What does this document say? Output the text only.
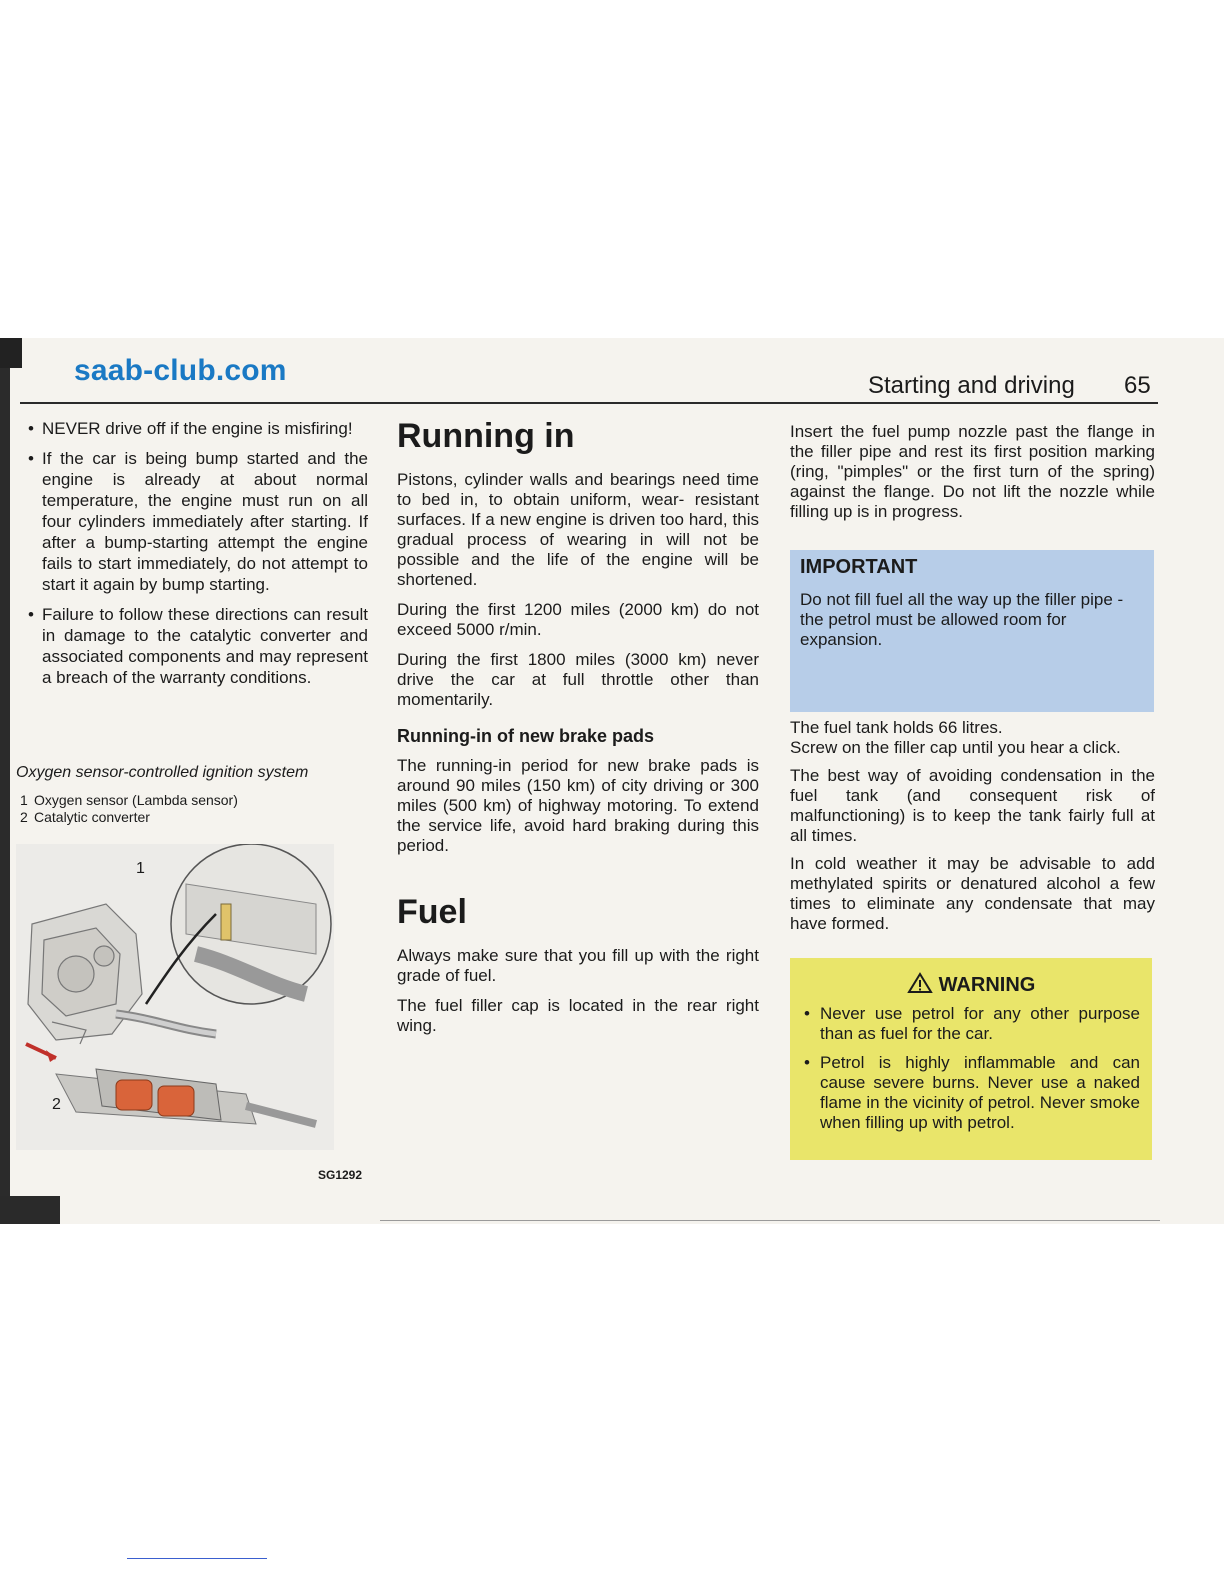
saab-club.com	Starting and driving 65
• NEVER drive off if the engine is misfiring!
• If the car is being bump started and the engine is already at about normal temperature, the engine must run on all four cylinders immediately after starting. If after a bump-starting attempt the engine fails to start immediately, do not attempt to start it again by bump starting.
• Failure to follow these directions can result in damage to the catalytic converter and associated components and may represent a breach of the warranty conditions.
Oxygen sensor-controlled ignition system
1 Oxygen sensor (Lambda sensor)
2 Catalytic converter
1
2
SG1292
Running in

Pistons, cylinder walls and bearings need time to bed in, to obtain uniform, wear- resistant surfaces. If a new engine is driven too hard, this gradual process of wearing in will not be possible and the life of the engine will be shortened.

During the first 1200 miles (2000 km) do not exceed 5000 r/min.

During the first 1800 miles (3000 km) never drive the car at full throttle other than momentarily.

Running-in of new brake pads

The running-in period for new brake pads is around 90 miles (150 km) of city driving or 300 miles (500 km) of highway motoring. To extend the service life, avoid hard braking during this period.

Fuel

Always make sure that you fill up with the right grade of fuel.

The fuel filler cap is located in the rear right wing.

Insert the fuel pump nozzle past the flange in the filler pipe and rest its first position marking (ring, "pimples" or the first turn of the spring) against the flange. Do not lift the nozzle while filling up is in progress.

IMPORTANT
Do not fill fuel all the way up the filler pipe - the petrol must be allowed room for expansion.
The fuel tank holds 66 litres.

Screw on the filler cap until you hear a click.

The best way of avoiding condensation in the fuel tank (and consequent risk of malfunctioning) is to keep the tank fairly full at all times.

In cold weather it may be advisable to add methylated spirits or denatured alcohol a few times to eliminate any condensate that may have formed.

WARNING
• Never use petrol for any other purpose than as fuel for the car.
• Petrol is highly inflammable and can cause severe burns. Never use a naked flame in the vicinity of petrol. Never smoke when filling up with petrol.
